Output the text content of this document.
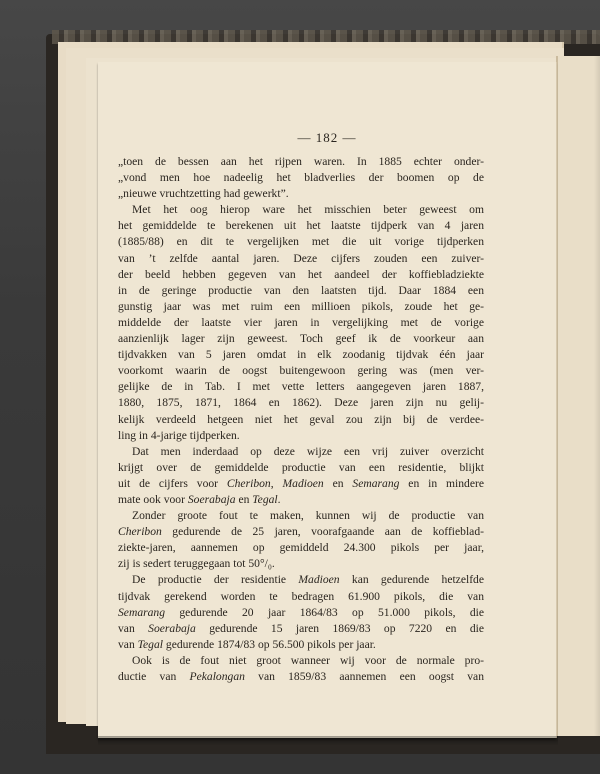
— 182 —
„toen de bessen aan het rijpen waren. In 1885 echter onder-
„vond men hoe nadeelig het bladverlies der boomen op de
„nieuwe vruchtzetting had gewerkt”.
Met het oog hierop ware het misschien beter geweest om
het gemiddelde te berekenen uit het laatste tijdperk van 4 jaren
(1885/88) en dit te vergelijken met die uit vorige tijdperken
van ’t zelfde aantal jaren. Deze cijfers zouden een zuiver-
der beeld hebben gegeven van het aandeel der koffiebladziekte
in de geringe productie van den laatsten tijd. Daar 1884 een
gunstig jaar was met ruim een millioen pikols, zoude het ge-
middelde der laatste vier jaren in vergelijking met de vorige
aanzienlijk lager zijn geweest. Toch geef ik de voorkeur aan
tijdvakken van 5 jaren omdat in elk zoodanig tijdvak één jaar
voorkomt waarin de oogst buitengewoon gering was (men ver-
gelijke de in Tab. I met vette letters aangegeven jaren 1887,
1880, 1875, 1871, 1864 en 1862). Deze jaren zijn nu gelij-
kelijk verdeeld hetgeen niet het geval zou zijn bij de verdee-
ling in 4-jarige tijdperken.
Dat men inderdaad op deze wijze een vrij zuiver overzicht
krijgt over de gemiddelde productie van een residentie, blijkt
uit de cijfers voor Cheribon, Madioen en Semarang en in mindere
mate ook voor Soerabaja en Tegal.
Zonder groote fout te maken, kunnen wij de productie van
Cheribon gedurende de 25 jaren, voorafgaande aan de koffieblad-
ziekte-jaren, aannemen op gemiddeld 24.300 pikols per jaar,
zij is sedert teruggegaan tot 50°/₀.
De productie der residentie Madioen kan gedurende hetzelfde
tijdvak gerekend worden te bedragen 61.900 pikols, die van
Semarang gedurende 20 jaar 1864/83 op 51.000 pikols, die
van Soerabaja gedurende 15 jaren 1869/83 op 7220 en die
van Tegal gedurende 1874/83 op 56.500 pikols per jaar.
Ook is de fout niet groot wanneer wij voor de normale pro-
ductie van Pekalongan van 1859/83 aannemen een oogst van
